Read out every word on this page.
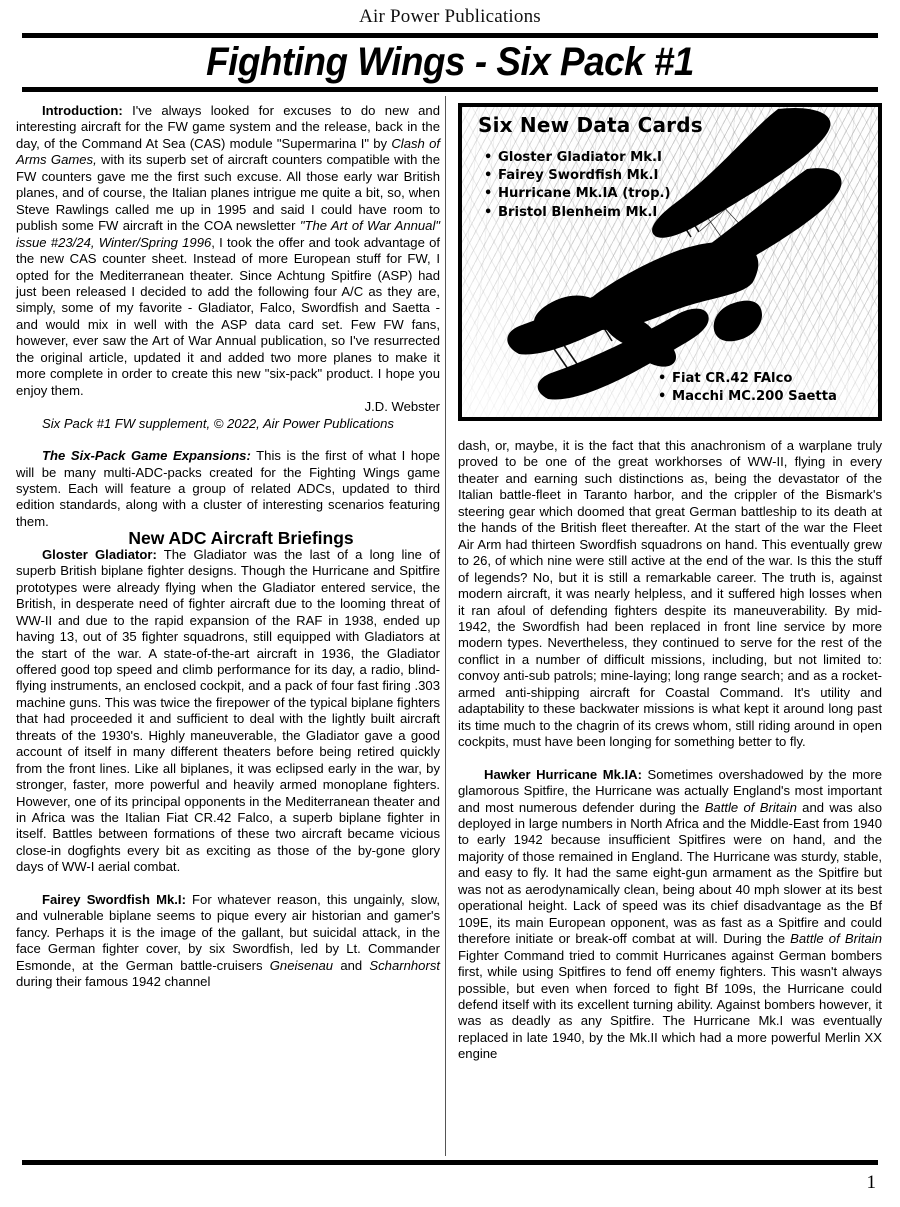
Air Power Publications
Fighting Wings - Six Pack #1

Introduction: I've always looked for excuses to do new and interesting aircraft for the FW game system and the release, back in the day, of the Command At Sea (CAS) module "Supermarina I" by Clash of Arms Games, with its superb set of aircraft counters compatible with the FW counters gave me the first such excuse. All those early war British planes, and of course, the Italian planes intrigue me quite a bit, so, when Steve Rawlings called me up in 1995 and said I could have room to publish some FW aircraft in the COA newsletter "The Art of War Annual" issue #23/24, Winter/Spring 1996, I took the offer and took advantage of the new CAS counter sheet. Instead of more European stuff for FW, I opted for the Mediterranean theater. Since Achtung Spitfire (ASP) had just been released I decided to add the following four A/C as they are, simply, some of my favorite - Gladiator, Falco, Swordfish and Saetta - and would mix in well with the ASP data card set. Few FW fans, however, ever saw the Art of War Annual publication, so I've resurrected the original article, updated it and added two more planes to make it more complete in order to create this new "six-pack" product. I hope you enjoy them.

J.D. Webster

Six Pack #1 FW supplement, © 2022, Air Power Publications

The Six-Pack Game Expansions: This is the first of what I hope will be many multi-ADC-packs created for the Fighting Wings game system. Each will feature a group of related ADCs, updated to third edition standards, along with a cluster of interesting scenarios featuring them.

New ADC Aircraft Briefings

Gloster Gladiator: The Gladiator was the last of a long line of superb British biplane fighter designs. Though the Hurricane and Spitfire prototypes were already flying when the Gladiator entered service, the British, in desperate need of fighter aircraft due to the looming threat of WW-II and due to the rapid expansion of the RAF in 1938, ended up having 13, out of 35 fighter squadrons, still equipped with Gladiators at the start of the war. A state-of-the-art aircraft in 1936, the Gladiator offered good top speed and climb performance for its day, a radio, blind-flying instruments, an enclosed cockpit, and a pack of four fast firing .303 machine guns. This was twice the firepower of the typical biplane fighters that had proceeded it and sufficient to deal with the lightly built aircraft threats of the 1930's. Highly maneuverable, the Gladiator gave a good account of itself in many different theaters before being retired quickly from the front lines. Like all biplanes, it was eclipsed early in the war, by stronger, faster, more powerful and heavily armed monoplane fighters. However, one of its principal opponents in the Mediterranean theater and in Africa was the Italian Fiat CR.42 Falco, a superb biplane fighter in itself. Battles between formations of these two aircraft became vicious close-in dogfights every bit as exciting as those of the by-gone glory days of WW-I aerial combat.

Fairey Swordfish Mk.I: For whatever reason, this ungainly, slow, and vulnerable biplane seems to pique every air historian and gamer's fancy. Perhaps it is the image of the gallant, but suicidal attack, in the face German fighter cover, by six Swordfish, led by Lt. Commander Esmonde, at the German battle-cruisers Gneisenau and Scharnhorst during their famous 1942 channel

Six New Data Cards
• Gloster Gladiator Mk.I
• Fairey Swordfish Mk.I
• Hurricane Mk.IA (trop.)
• Bristol Blenheim Mk.I
• Fiat CR.42 FAlco
• Macchi MC.200 Saetta

dash, or, maybe, it is the fact that this anachronism of a warplane truly proved to be one of the great workhorses of WW-II, flying in every theater and earning such distinctions as, being the devastator of the Italian battle-fleet in Taranto harbor, and the crippler of the Bismark's steering gear which doomed that great German battleship to its death at the hands of the British fleet thereafter. At the start of the war the Fleet Air Arm had thirteen Swordfish squadrons on hand. This eventually grew to 26, of which nine were still active at the end of the war. Is this the stuff of legends? No, but it is still a remarkable career. The truth is, against modern aircraft, it was nearly helpless, and it suffered high losses when it ran afoul of defending fighters despite its maneuverability. By mid-1942, the Swordfish had been replaced in front line service by more modern types. Nevertheless, they continued to serve for the rest of the conflict in a number of difficult missions, including, but not limited to: convoy anti-sub patrols; mine-laying; long range search; and as a rocket-armed anti-shipping aircraft for Coastal Command. It's utility and adaptability to these backwater missions is what kept it around long past its time much to the chagrin of its crews whom, still riding around in open cockpits, must have been longing for something better to fly.

Hawker Hurricane Mk.IA: Sometimes overshadowed by the more glamorous Spitfire, the Hurricane was actually England's most important and most numerous defender during the Battle of Britain and was also deployed in large numbers in North Africa and the Middle-East from 1940 to early 1942 because insufficient Spitfires were on hand, and the majority of those remained in England. The Hurricane was sturdy, stable, and easy to fly. It had the same eight-gun armament as the Spitfire but was not as aerodynamically clean, being about 40 mph slower at its best operational height. Lack of speed was its chief disadvantage as the Bf 109E, its main European opponent, was as fast as a Spitfire and could therefore initiate or break-off combat at will. During the Battle of Britain Fighter Command tried to commit Hurricanes against German bombers first, while using Spitfires to fend off enemy fighters. This wasn't always possible, but even when forced to fight Bf 109s, the Hurricane could defend itself with its excellent turning ability. Against bombers however, it was as deadly as any Spitfire. The Hurricane Mk.I was eventually replaced in late 1940, by the Mk.II which had a more powerful Merlin XX engine

1
